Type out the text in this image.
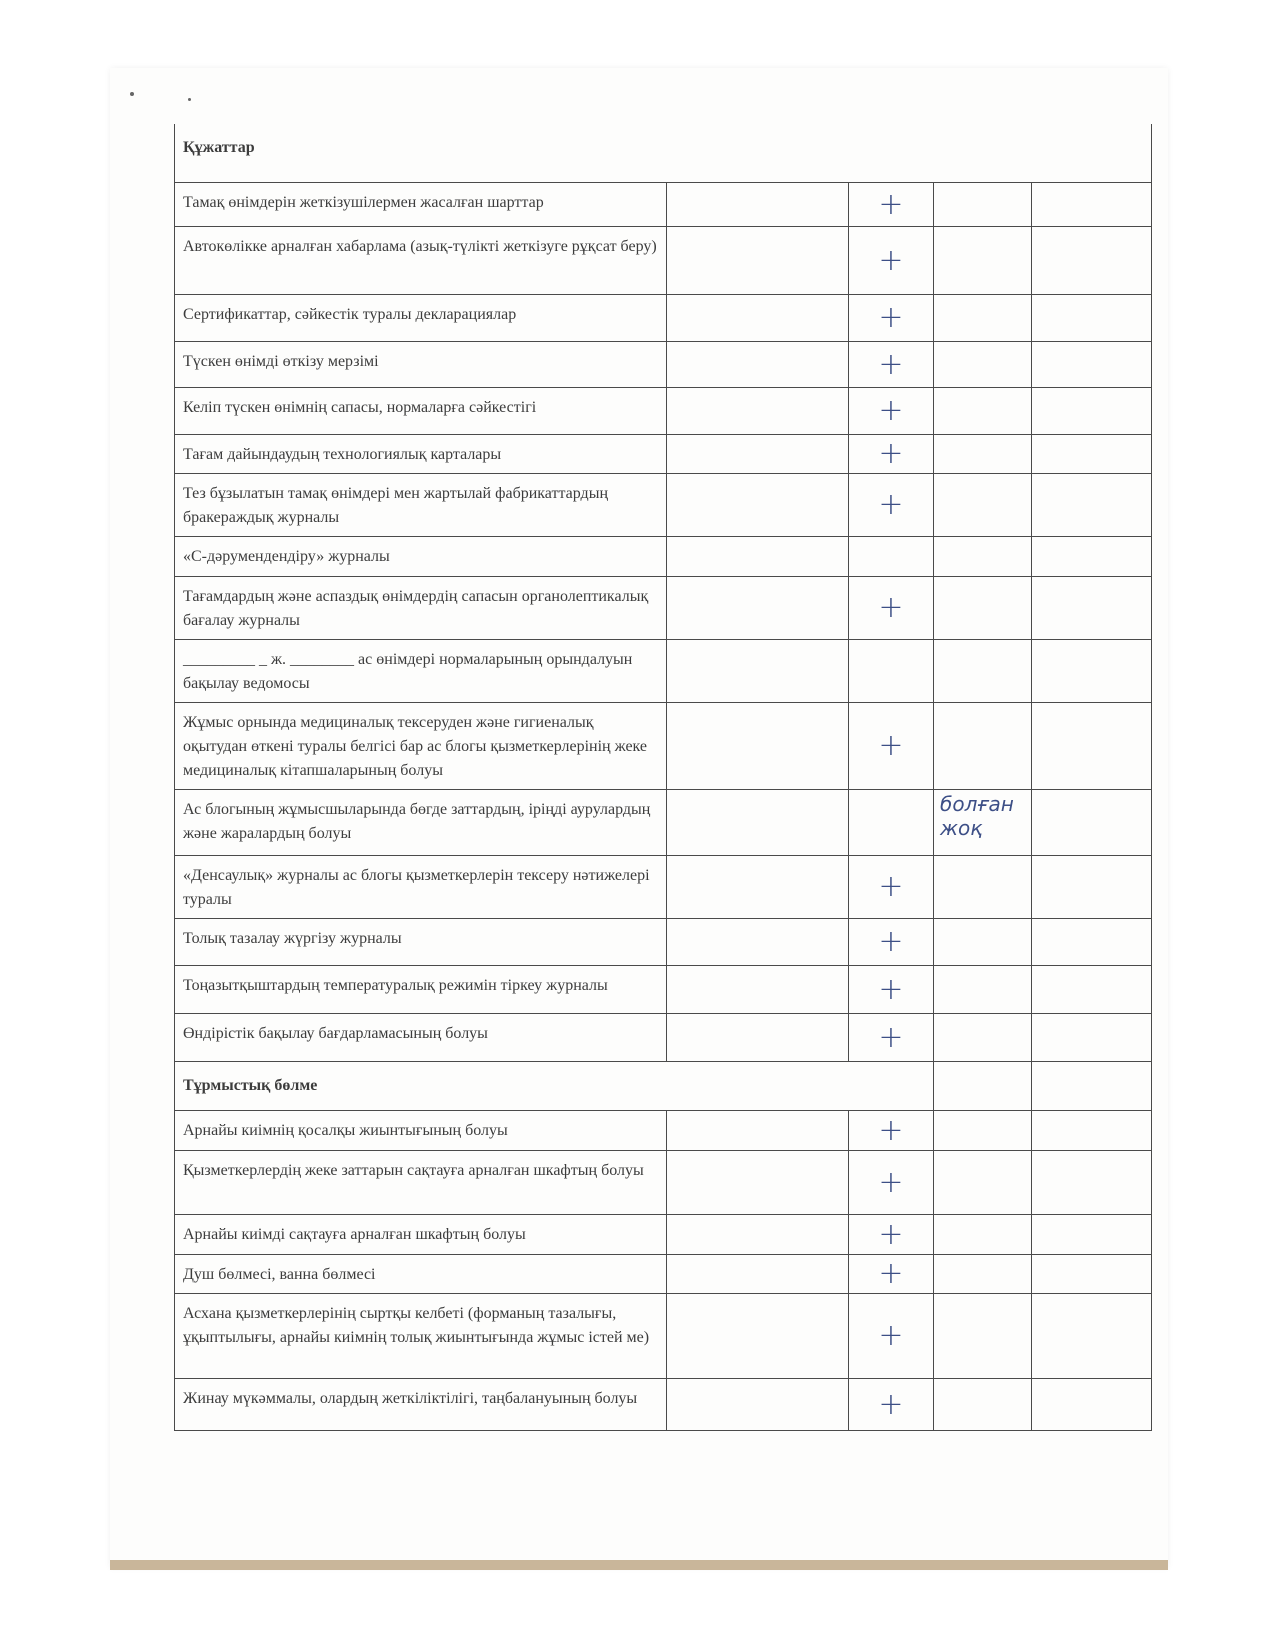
Құжаттар				
Тамақ өнімдерін жеткізушілермен жасалған шарттар		+		
Автокөлікке арналған хабарлама (азық-түлікті жеткізуге рұқсат беру)		+		
Сертификаттар, сәйкестік туралы декларациялар		+		
Түскен өнімді өткізу мерзімі		+		
Келіп түскен өнімнің сапасы, нормаларға сәйкестігі		+		
Тағам дайындаудың технологиялық карталары		+		
Тез бұзылатын тамақ өнімдері мен жартылай фабрикаттардың бракераждық журналы		+		
«С-дәрумендендіру» журналы				
Тағамдардың және аспаздық өнімдердің сапасын органолептикалық бағалау журналы		+		
_________ _ ж. ________ ас өнімдері нормаларының орындалуын бақылау ведомосы				
Жұмыс орнында медициналық тексеруден және гигиеналық оқытудан өткені туралы белгісі бар ас блогы қызметкерлерінің жеке медициналық кітапшаларының болуы		+		
Ас блогының жұмысшыларында бөгде заттардың, іріңді аурулардың және жаралардың болуы			болған жоқ	
«Денсаулық» журналы ас блогы қызметкерлерін тексеру нәтижелері туралы		+		
Толық тазалау жүргізу журналы		+		
Тоңазытқыштардың температуралық режимін тіркеу журналы		+		
Өндірістік бақылау бағдарламасының болуы		+		
Тұрмыстық бөлме				
Арнайы киімнің қосалқы жиынтығының болуы		+		
Қызметкерлердің жеке заттарын сақтауға арналған шкафтың болуы		+		
Арнайы киімді сақтауға арналған шкафтың болуы		+		
Душ бөлмесі, ванна бөлмесі		+		
Асхана қызметкерлерінің сыртқы келбеті (форманың тазалығы, ұқыптылығы, арнайы киімнің толық жиынтығында жұмыс істей ме)		+		
Жинау мүкәммалы, олардың жеткіліктілігі, таңбалануының болуы		+		
